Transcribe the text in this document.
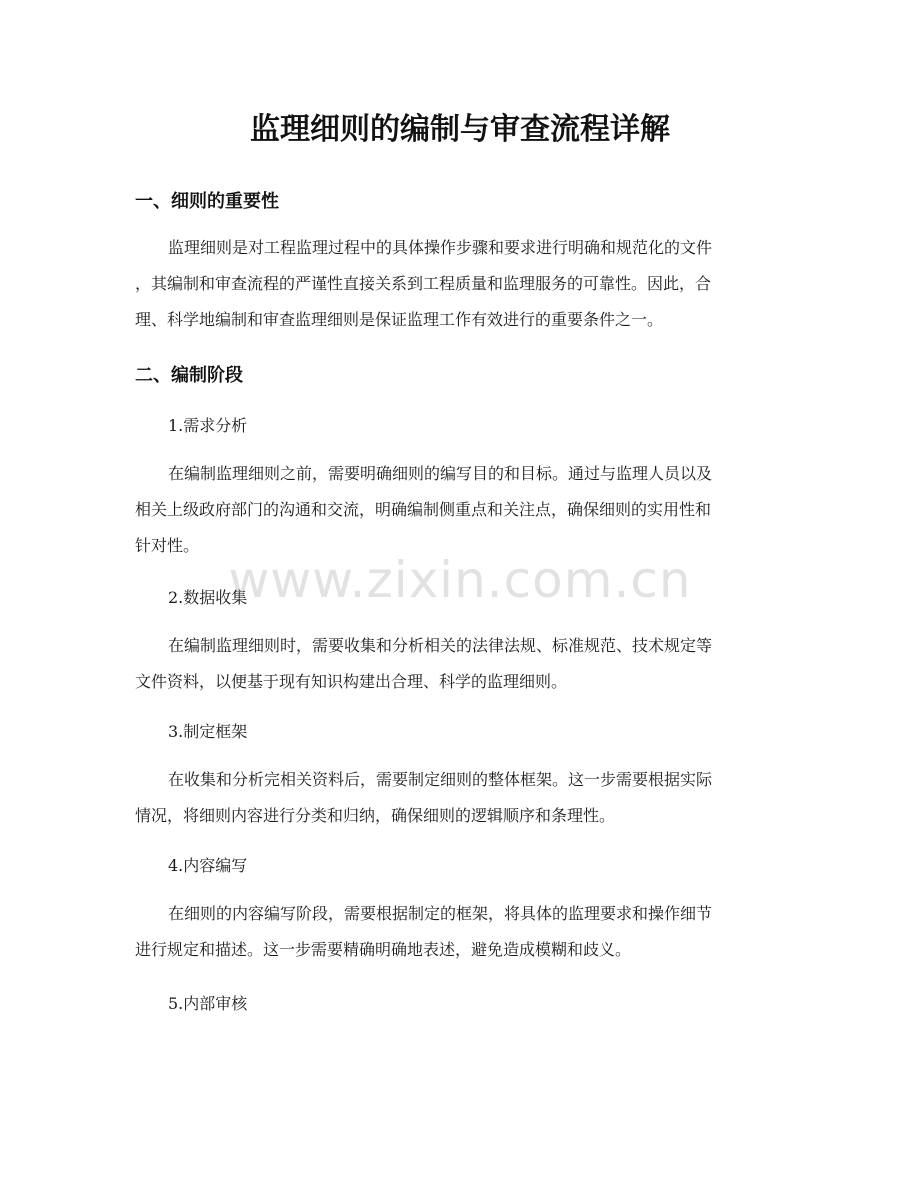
监理细则的编制与审查流程详解
一、细则的重要性
监理细则是对工程监理过程中的具体操作步骤和要求进行明确和规范化的文件
，其编制和审查流程的严谨性直接关系到工程质量和监理服务的可靠性。因此，合
理、科学地编制和审查监理细则是保证监理工作有效进行的重要条件之一。
二、编制阶段

1.需求分析

在编制监理细则之前，需要明确细则的编写目的和目标。通过与监理人员以及
相关上级政府部门的沟通和交流，明确编制侧重点和关注点，确保细则的实用性和
针对性。

2.数据收集

在编制监理细则时，需要收集和分析相关的法律法规、标准规范、技术规定等
文件资料，以便基于现有知识构建出合理、科学的监理细则。

3.制定框架

在收集和分析完相关资料后，需要制定细则的整体框架。这一步需要根据实际
情况，将细则内容进行分类和归纳，确保细则的逻辑顺序和条理性。

4.内容编写

在细则的内容编写阶段，需要根据制定的框架，将具体的监理要求和操作细节
进行规定和描述。这一步需要精确明确地表述，避免造成模糊和歧义。

5.内部审核

www.zixin.com.cn
